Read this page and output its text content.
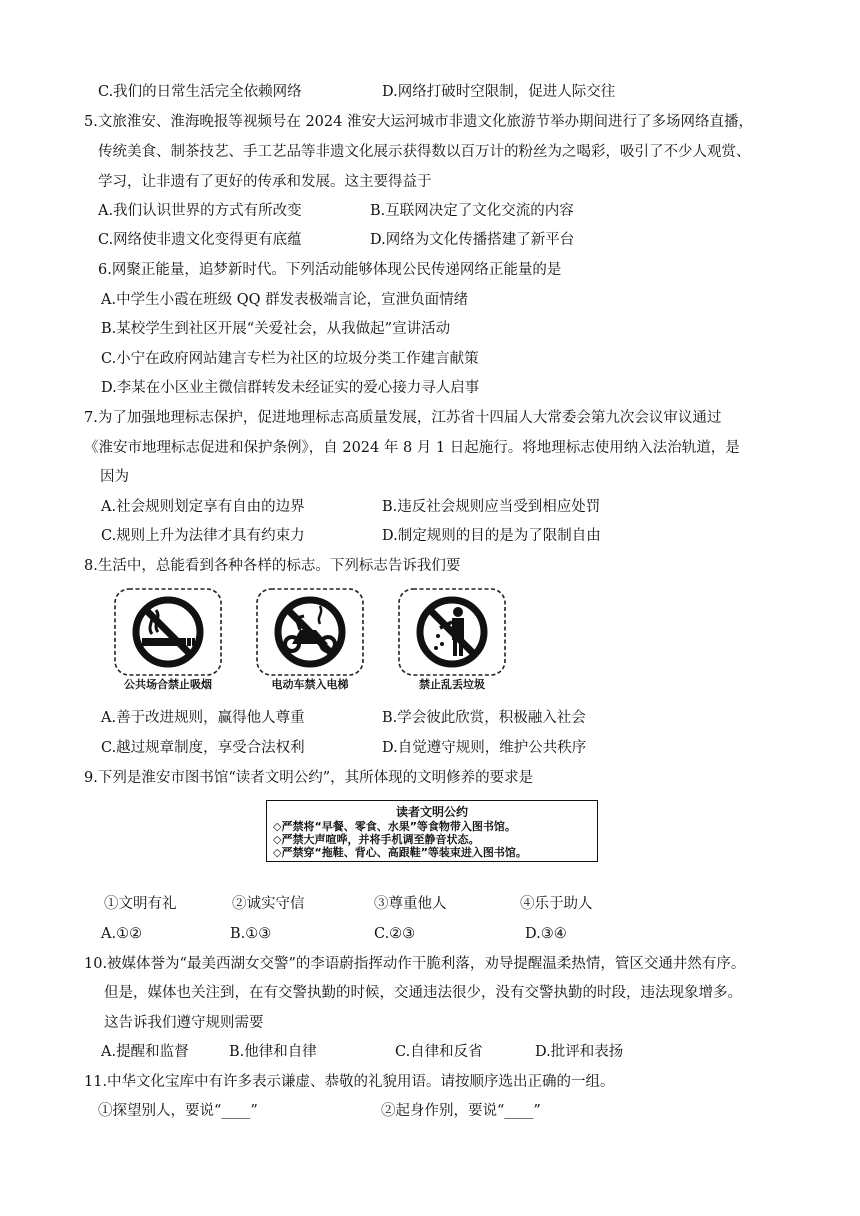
C.我们的日常生活完全依赖网络	D.网络打破时空限制，促进人际交往
5.文旅淮安、淮海晚报等视频号在 2024 淮安大运河城市非遗文化旅游节举办期间进行了多场网络直播，
传统美食、制茶技艺、手工艺品等非遗文化展示获得数以百万计的粉丝为之喝彩，吸引了不少人观赏、
学习，让非遗有了更好的传承和发展。这主要得益于
A.我们认识世界的方式有所改变	B.互联网决定了文化交流的内容
C.网络使非遗文化变得更有底蕴	D.网络为文化传播搭建了新平台
6.网聚正能量，追梦新时代。下列活动能够体现公民传递网络正能量的是
A.中学生小霞在班级 QQ 群发表极端言论，宣泄负面情绪
B.某校学生到社区开展“关爱社会，从我做起”宣讲活动
C.小宁在政府网站建言专栏为社区的垃圾分类工作建言献策
D.李某在小区业主微信群转发未经证实的爱心接力寻人启事
7.为了加强地理标志保护，促进地理标志高质量发展，江苏省十四届人大常委会第九次会议审议通过
《淮安市地理标志促进和保护条例》，自 2024 年 8 月 1 日起施行。将地理标志使用纳入法治轨道，是
因为
A.社会规则划定享有自由的边界	B.违反社会规则应当受到相应处罚
C.规则上升为法律才具有约束力	D.制定规则的目的是为了限制自由
8.生活中，总能看到各种各样的标志。下列标志告诉我们要
公共场合禁止吸烟	电动车禁入电梯	禁止乱丢垃圾
A.善于改进规则，赢得他人尊重	B.学会彼此欣赏，积极融入社会
C.越过规章制度，享受合法权利	D.自觉遵守规则，维护公共秩序
9.下列是淮安市图书馆“读者文明公约”，其所体现的文明修养的要求是
读者文明公约
◇严禁将“早餐、零食、水果”等食物带入图书馆。
◇严禁大声喧哗，并将手机调至静音状态。
◇严禁穿“拖鞋、背心、高跟鞋”等装束进入图书馆。
①文明有礼	②诚实守信	③尊重他人	④乐于助人
A.①②	B.①③	C.②③	D.③④
10.被媒体誉为“最美西湖女交警”的李语蔚指挥动作干脆利落，劝导提醒温柔热情，管区交通井然有序。
但是，媒体也关注到，在有交警执勤的时候，交通违法很少，没有交警执勤的时段，违法现象增多。
这告诉我们遵守规则需要
A.提醒和监督	B.他律和自律	C.自律和反省	D.批评和表扬
11.中华文化宝库中有许多表示谦虚、恭敬的礼貌用语。请按顺序选出正确的一组。
①探望别人，要说“____”	②起身作别，要说“____”
